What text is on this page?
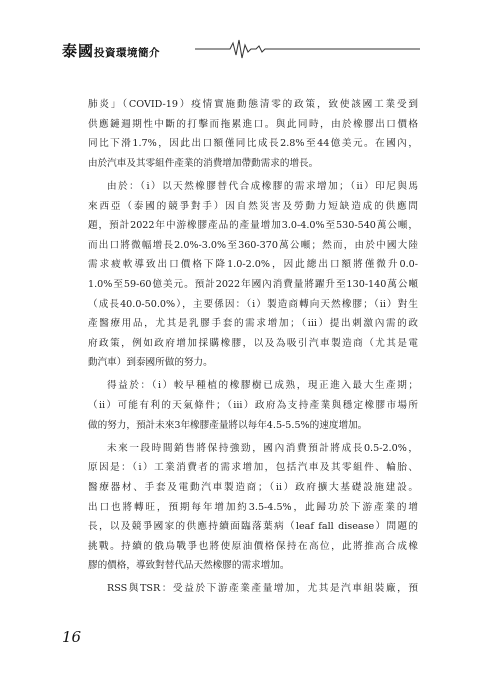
泰國投資環境簡介
肺炎」（COVID-19）疫情實施動態清零的政策，致使該國工業受到
供應鏈週期性中斷的打擊而拖累進口。與此同時，由於橡膠出口價格
同比下滑1.7%，因此出口額僅同比成長2.8%至44億美元。在國內，
由於汽車及其零組件產業的消費增加帶動需求的增長。
由於：（i）以天然橡膠替代合成橡膠的需求增加；（ii）印尼與馬
來西亞（泰國的競爭對手）因自然災害及勞動力短缺造成的供應問
題，預計2022年中游橡膠產品的產量增加3.0-4.0%至530-540萬公噸，
而出口將微幅增長2.0%-3.0%至360-370萬公噸；然而，由於中國大陸
需求疲軟導致出口價格下降1.0-2.0%，因此總出口額將僅微升0.0-
1.0%至59-60億美元。預計2022年國內消費量將躍升至130-140萬公噸
（成長40.0-50.0%），主要係因：（i）製造商轉向天然橡膠；（ii）對生
產醫療用品，尤其是乳膠手套的需求增加；（iii）提出刺激內需的政
府政策，例如政府增加採購橡膠，以及為吸引汽車製造商（尤其是電
動汽車）到泰國所做的努力。
得益於：（i）較早種植的橡膠樹已成熟，現正進入最大生產期；
（ii）可能有利的天氣條件；（iii）政府為支持產業與穩定橡膠市場所
做的努力，預計未來3年橡膠產量將以每年4.5-5.5%的速度增加。
未來一段時間銷售將保持強勁，國內消費預計將成長0.5-2.0%，
原因是：（i）工業消費者的需求增加，包括汽車及其零組件、輪胎、
醫療器材、手套及電動汽車製造商；（ii）政府擴大基礎設施建設。
出口也將轉旺，預期每年增加約3.5-4.5%，此歸功於下游產業的增
長，以及競爭國家的供應持續面臨落葉病（leaf fall disease）問題的
挑戰。持續的俄烏戰爭也將使原油價格保持在高位，此將推高合成橡
膠的價格，導致對替代品天然橡膠的需求增加。
RSS與TSR：受益於下游產業產量增加，尤其是汽車組裝廠，預
16
